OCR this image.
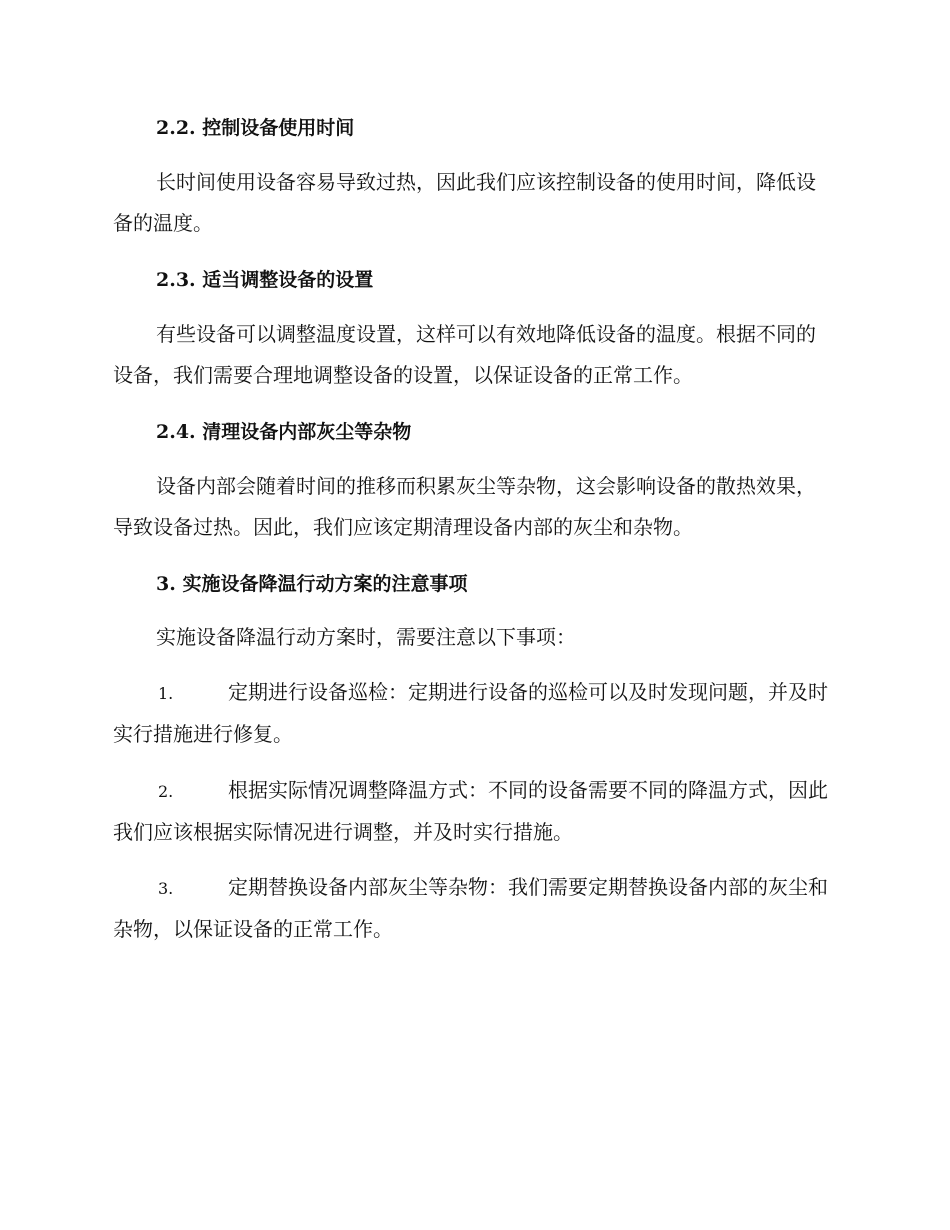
2.2. 控制设备使用时间

长时间使用设备容易导致过热，因此我们应该控制设备的使用时间，降低设备的温度。

2.3. 适当调整设备的设置

有些设备可以调整温度设置，这样可以有效地降低设备的温度。根据不同的设备，我们需要合理地调整设备的设置，以保证设备的正常工作。

2.4. 清理设备内部灰尘等杂物

设备内部会随着时间的推移而积累灰尘等杂物，这会影响设备的散热效果，导致设备过热。因此，我们应该定期清理设备内部的灰尘和杂物。

3. 实施设备降温行动方案的注意事项

实施设备降温行动方案时，需要注意以下事项：

1.	定期进行设备巡检：定期进行设备的巡检可以及时发现问题，并及时实行措施进行修复。

2.	根据实际情况调整降温方式：不同的设备需要不同的降温方式，因此我们应该根据实际情况进行调整，并及时实行措施。

3.	定期替换设备内部灰尘等杂物：我们需要定期替换设备内部的灰尘和杂物，以保证设备的正常工作。
